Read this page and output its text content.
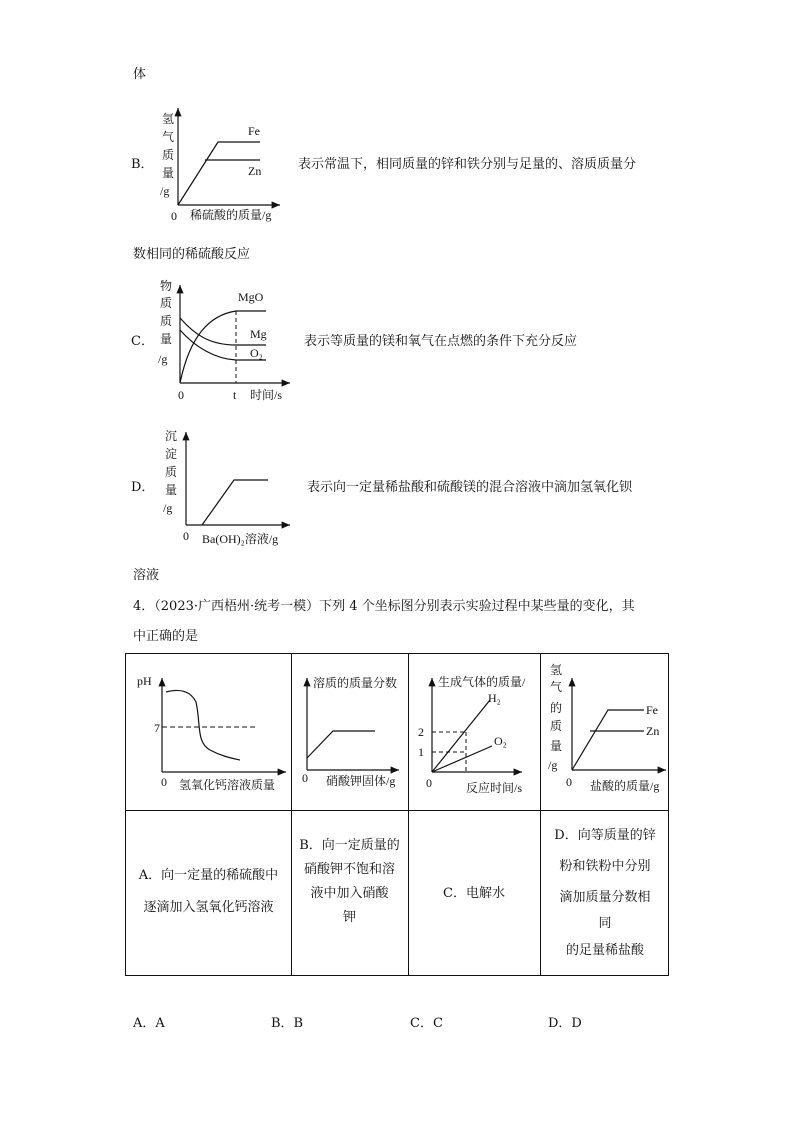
体
B．
氢
气
质
量
/g
0 稀硫酸的质量/g
Fe
Zn	表示常温下，相同质量的锌和铁分别与足量的、溶质质量分
数相同的稀硫酸反应
C．
物
质
质
量
/g
0	t 时间/s
MgO
Mg
O₂
表示等质量的镁和氧气在点燃的条件下充分反应
D．
沉
淀
质
量
/g
0 Ba(OH)₂溶液/g
表示向一定量稀盐酸和硫酸镁的混合溶液中滴加氢氧化钡
溶液
4．（2023·广西梧州·统考一模）下列 4 个坐标图分别表示实验过程中某些量的变化，其
中正确的是
pH
7
0 氢氧化钙溶液质量
溶质的质量分数
0 硝酸钾固体/g
生成气体的质量/
2
1
0	反应时间/s
H₂
O₂
氢
气
的
质
量
/g
0 盐酸的质量/g
Fe
Zn
A．向一定量的稀硫酸中
逐滴加入氢氧化钙溶液
B．向一定质量的
硝酸钾不饱和溶
液中加入硝酸
钾
C．电解水
D．向等质量的锌
粉和铁粉中分别
滴加质量分数相
同
的足量稀盐酸
A．A	B．B	C．C	D．D
